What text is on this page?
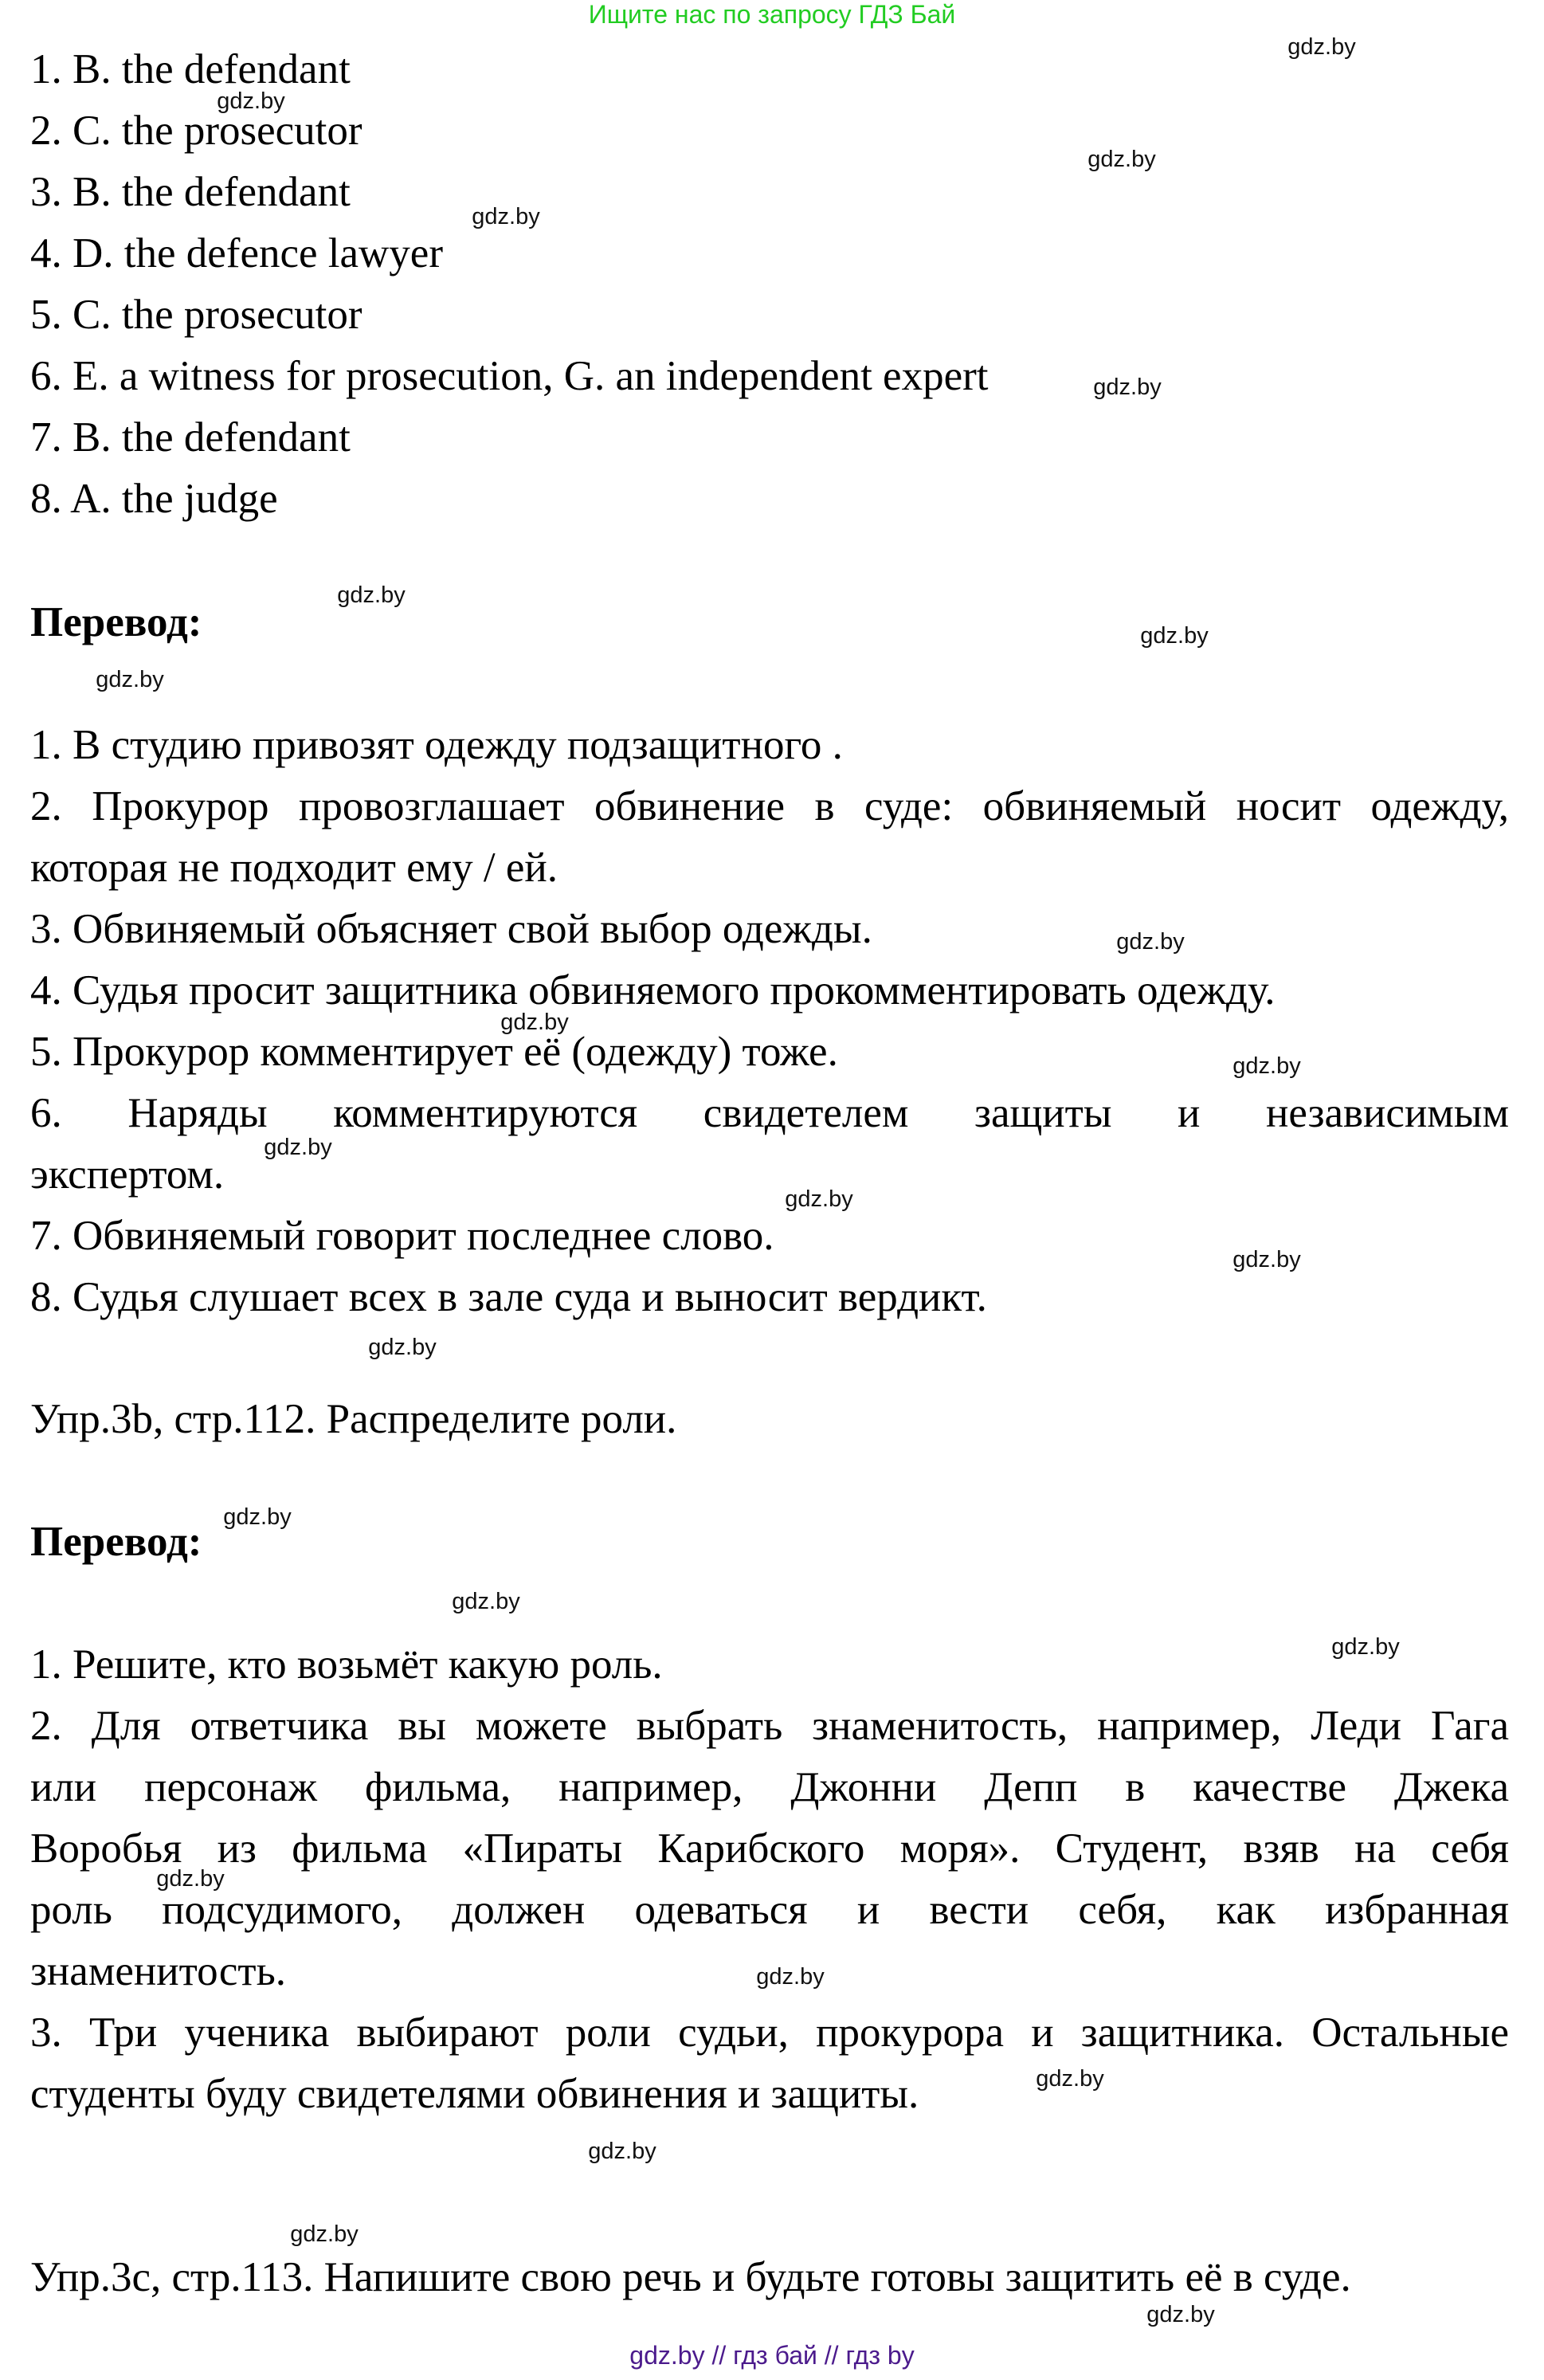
Ищите нас по запросу ГДЗ Бай
1. B. the defendant
2. C. the prosecutor
3. B. the defendant
4. D. the defence lawyer
5. C. the prosecutor
6. E. a witness for prosecution, G. an independent expert
7. B. the defendant
8. A. the judge
Перевод:
1. В студию привозят одежду подзащитного .
2. Прокурор провозглашает обвинение в суде: обвиняемый носит одежду,
которая не подходит ему / ей.
3. Обвиняемый объясняет свой выбор одежды.
4. Судья просит защитника обвиняемого прокомментировать одежду.
5. Прокурор комментирует её (одежду) тоже.
6. Наряды комментируются свидетелем защиты и независимым
экспертом.
7. Обвиняемый говорит последнее слово.
8. Судья слушает всех в зале суда и выносит вердикт.
Упр.3b, стр.112. Распределите роли.
Перевод:
1. Решите, кто возьмёт какую роль.
2. Для ответчика вы можете выбрать знаменитость, например, Леди Гага
или персонаж фильма, например, Джонни Депп в качестве Джека
Воробья из фильма «Пираты Карибского моря». Студент, взяв на себя
роль подсудимого, должен одеваться и вести себя, как избранная
знаменитость.
3. Три ученика выбирают роли судьи, прокурора и защитника. Остальные
студенты буду свидетелями обвинения и защиты.
Упр.3c, стр.113. Напишите свою речь и будьте готовы защитить её в суде.
gdz.by
gdz.by
gdz.by
gdz.by
gdz.by
gdz.by
gdz.by
gdz.by
gdz.by
gdz.by
gdz.by
gdz.by
gdz.by
gdz.by
gdz.by
gdz.by
gdz.by
gdz.by
gdz.by
gdz.by
gdz.by
gdz.by
gdz.by
gdz.by
gdz.by // гдз бай // гдз by
